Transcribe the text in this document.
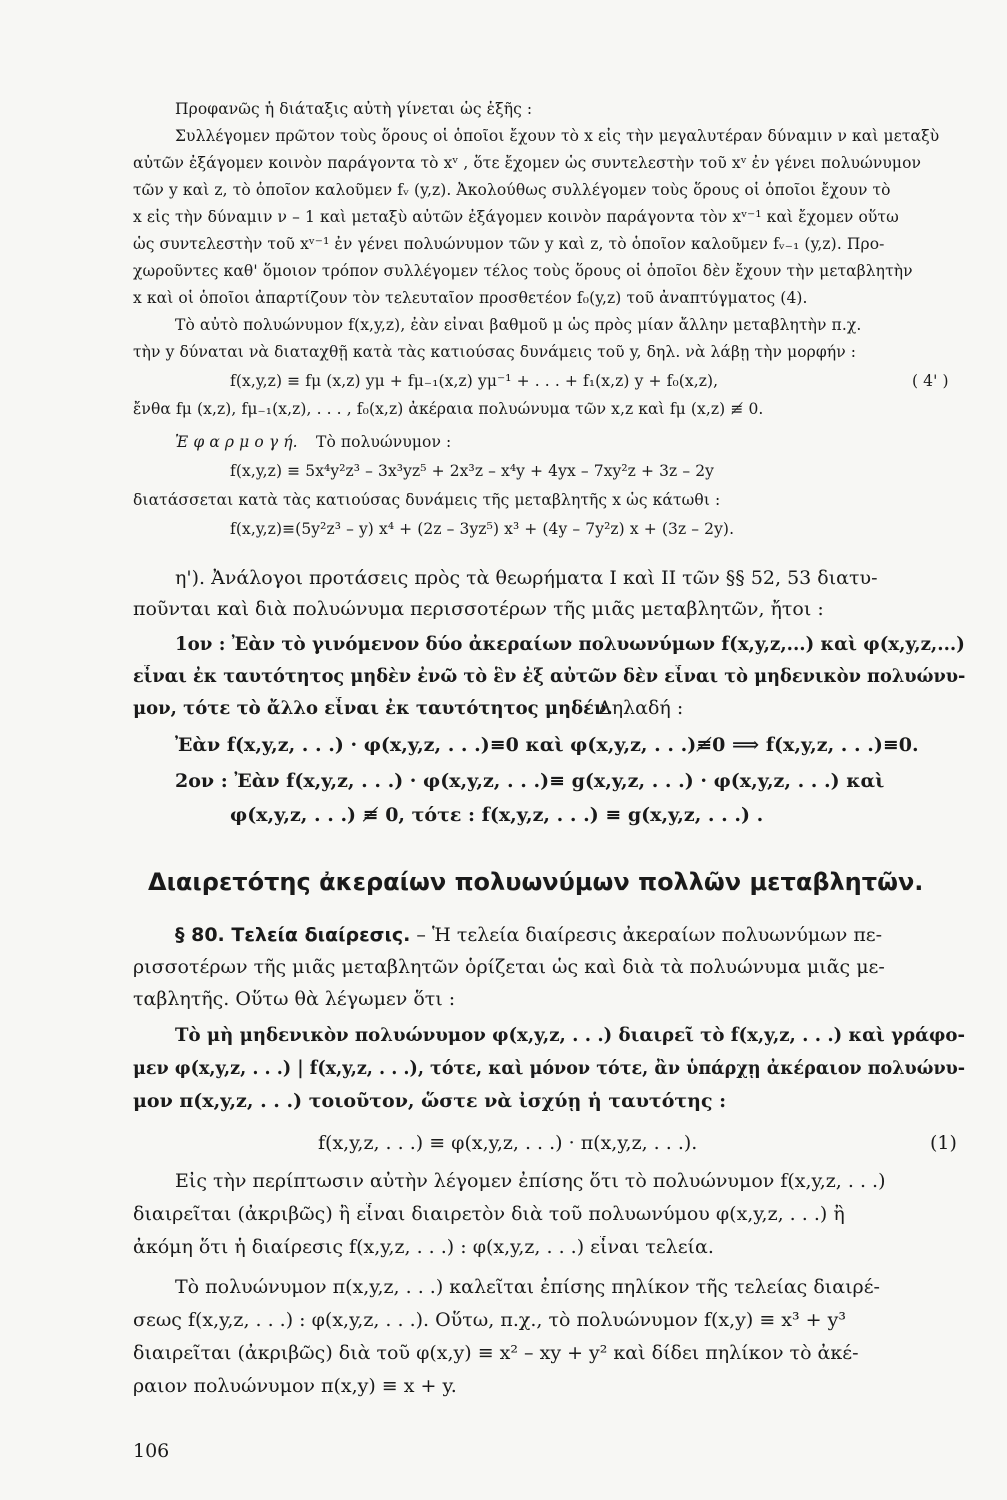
Προφανῶς ἡ διάταξις αὐτὴ γίνεται ὡς ἑξῆς :
Συλλέγομεν πρῶτον τοὺς ὅρους οἱ ὁποῖοι ἔχουν τὸ x εἰς τὴν μεγαλυτέραν δύναμιν ν καὶ μεταξὺ
αὐτῶν ἐξάγομεν κοινὸν παράγοντα τὸ xᵛ , ὅτε ἔχομεν ὡς συντελεστὴν τοῦ xᵛ ἐν γένει πολυώνυμον
τῶν y καὶ z, τὸ ὁποῖον καλοῦμεν fᵥ (y,z). Ἀκολούθως συλλέγομεν τοὺς ὅρους οἱ ὁποῖοι ἔχουν τὸ
x εἰς τὴν δύναμιν ν – 1 καὶ μεταξὺ αὐτῶν ἐξάγομεν κοινὸν παράγοντα τὸν xᵛ⁻¹ καὶ ἔχομεν οὕτω
ὡς συντελεστὴν τοῦ xᵛ⁻¹ ἐν γένει πολυώνυμον τῶν y καὶ z, τὸ ὁποῖον καλοῦμεν fᵥ₋₁ (y,z). Προ-
χωροῦντες καθ' ὅμοιον τρόπον συλλέγομεν τέλος τοὺς ὅρους οἱ ὁποῖοι δὲν ἔχουν τὴν μεταβλητὴν
x καὶ οἱ ὁποῖοι ἀπαρτίζουν τὸν τελευταῖον προσθετέον f₀(y,z) τοῦ ἀναπτύγματος (4).
Τὸ αὐτὸ πολυώνυμον f(x,y,z), ἐὰν εἶναι βαθμοῦ μ ὡς πρὸς μίαν ἄλλην μεταβλητὴν π.χ.
τὴν y δύναται νὰ διαταχθῇ κατὰ τὰς κατιούσας δυνάμεις τοῦ y, δηλ. νὰ λάβῃ τὴν μορφήν :
f(x,y,z) ≡ fμ (x,z) yμ + fμ₋₁(x,z) yμ⁻¹ + . . . + f₁(x,z) y + f₀(x,z),	( 4' )
ἔνθα fμ (x,z), fμ₋₁(x,z), . . . , f₀(x,z) ἀκέραια πολυώνυμα τῶν x,z καὶ fμ (x,z) ≢ 0.
Ἐ φ α ρ μ ο γ ή.	Τὸ πολυώνυμον :
f(x,y,z) ≡ 5x⁴y²z³ – 3x³yz⁵ + 2x³z – x⁴y + 4yx – 7xy²z + 3z – 2y
διατάσσεται κατὰ τὰς κατιούσας δυνάμεις τῆς μεταβλητῆς x ὡς κάτωθι :
f(x,y,z)≡(5y²z³ – y) x⁴ + (2z – 3yz⁵) x³ + (4y – 7y²z) x + (3z – 2y).
η'). Ἀνάλογοι προτάσεις πρὸς τὰ θεωρήματα I καὶ II τῶν §§ 52, 53 διατυ-
ποῦνται καὶ διὰ πολυώνυμα περισσοτέρων τῆς μιᾶς μεταβλητῶν, ἤτοι :
1ον : Ἐὰν τὸ γινόμενον δύο ἀκεραίων πολυωνύμων f(x,y,z,...) καὶ φ(x,y,z,...)
εἶναι ἐκ ταυτότητος μηδὲν ἐνῶ τὸ ἓν ἐξ αὐτῶν δὲν εἶναι τὸ μηδενικὸν πολυώνυ-
μον, τότε τὸ ἄλλο εἶναι ἐκ ταυτότητος μηδέν.
Δηλαδή :
Ἐὰν f(x,y,z, . . .) · φ(x,y,z, . . .)≡0 καὶ φ(x,y,z, . . .)≢0 ⟹ f(x,y,z, . . .)≡0.
2ον : Ἐὰν f(x,y,z, . . .) · φ(x,y,z, . . .)≡ g(x,y,z, . . .) · φ(x,y,z, . . .) καὶ
φ(x,y,z, . . .) ≢ 0, τότε : f(x,y,z, . . .) ≡ g(x,y,z, . . .) .
Διαιρετότης ἀκεραίων πολυωνύμων πολλῶν μεταβλητῶν.
§ 80. Τελεία διαίρεσις. – Ἡ τελεία διαίρεσις ἀκεραίων πολυωνύμων πε-
ρισσοτέρων τῆς μιᾶς μεταβλητῶν ὁρίζεται ὡς καὶ διὰ τὰ πολυώνυμα μιᾶς με-
ταβλητῆς. Οὕτω θὰ λέγωμεν ὅτι :
Τὸ μὴ μηδενικὸν πολυώνυμον φ(x,y,z, . . .) διαιρεῖ τὸ f(x,y,z, . . .) καὶ γράφο-
μεν φ(x,y,z, . . .) | f(x,y,z, . . .), τότε, καὶ μόνον τότε, ἂν ὑπάρχῃ ἀκέραιον πολυώνυ-
μον π(x,y,z, . . .) τοιοῦτον, ὥστε νὰ ἰσχύῃ ἡ ταυτότης :
f(x,y,z, . . .) ≡ φ(x,y,z, . . .) · π(x,y,z, . . .).	(1)
Εἰς τὴν περίπτωσιν αὐτὴν λέγομεν ἐπίσης ὅτι τὸ πολυώνυμον f(x,y,z, . . .)
διαιρεῖται (ἀκριβῶς) ἢ εἶναι διαιρετὸν διὰ τοῦ πολυωνύμου φ(x,y,z, . . .) ἢ
ἀκόμη ὅτι ἡ διαίρεσις f(x,y,z, . . .) : φ(x,y,z, . . .) εἶναι τελεία.
Τὸ πολυώνυμον π(x,y,z, . . .) καλεῖται ἐπίσης πηλίκον τῆς τελείας διαιρέ-
σεως f(x,y,z, . . .) : φ(x,y,z, . . .). Οὕτω, π.χ., τὸ πολυώνυμον f(x,y) ≡ x³ + y³
διαιρεῖται (ἀκριβῶς) διὰ τοῦ φ(x,y) ≡ x² – xy + y² καὶ δίδει πηλίκον τὸ ἀκέ-
ραιον πολυώνυμον π(x,y) ≡ x + y.
106
